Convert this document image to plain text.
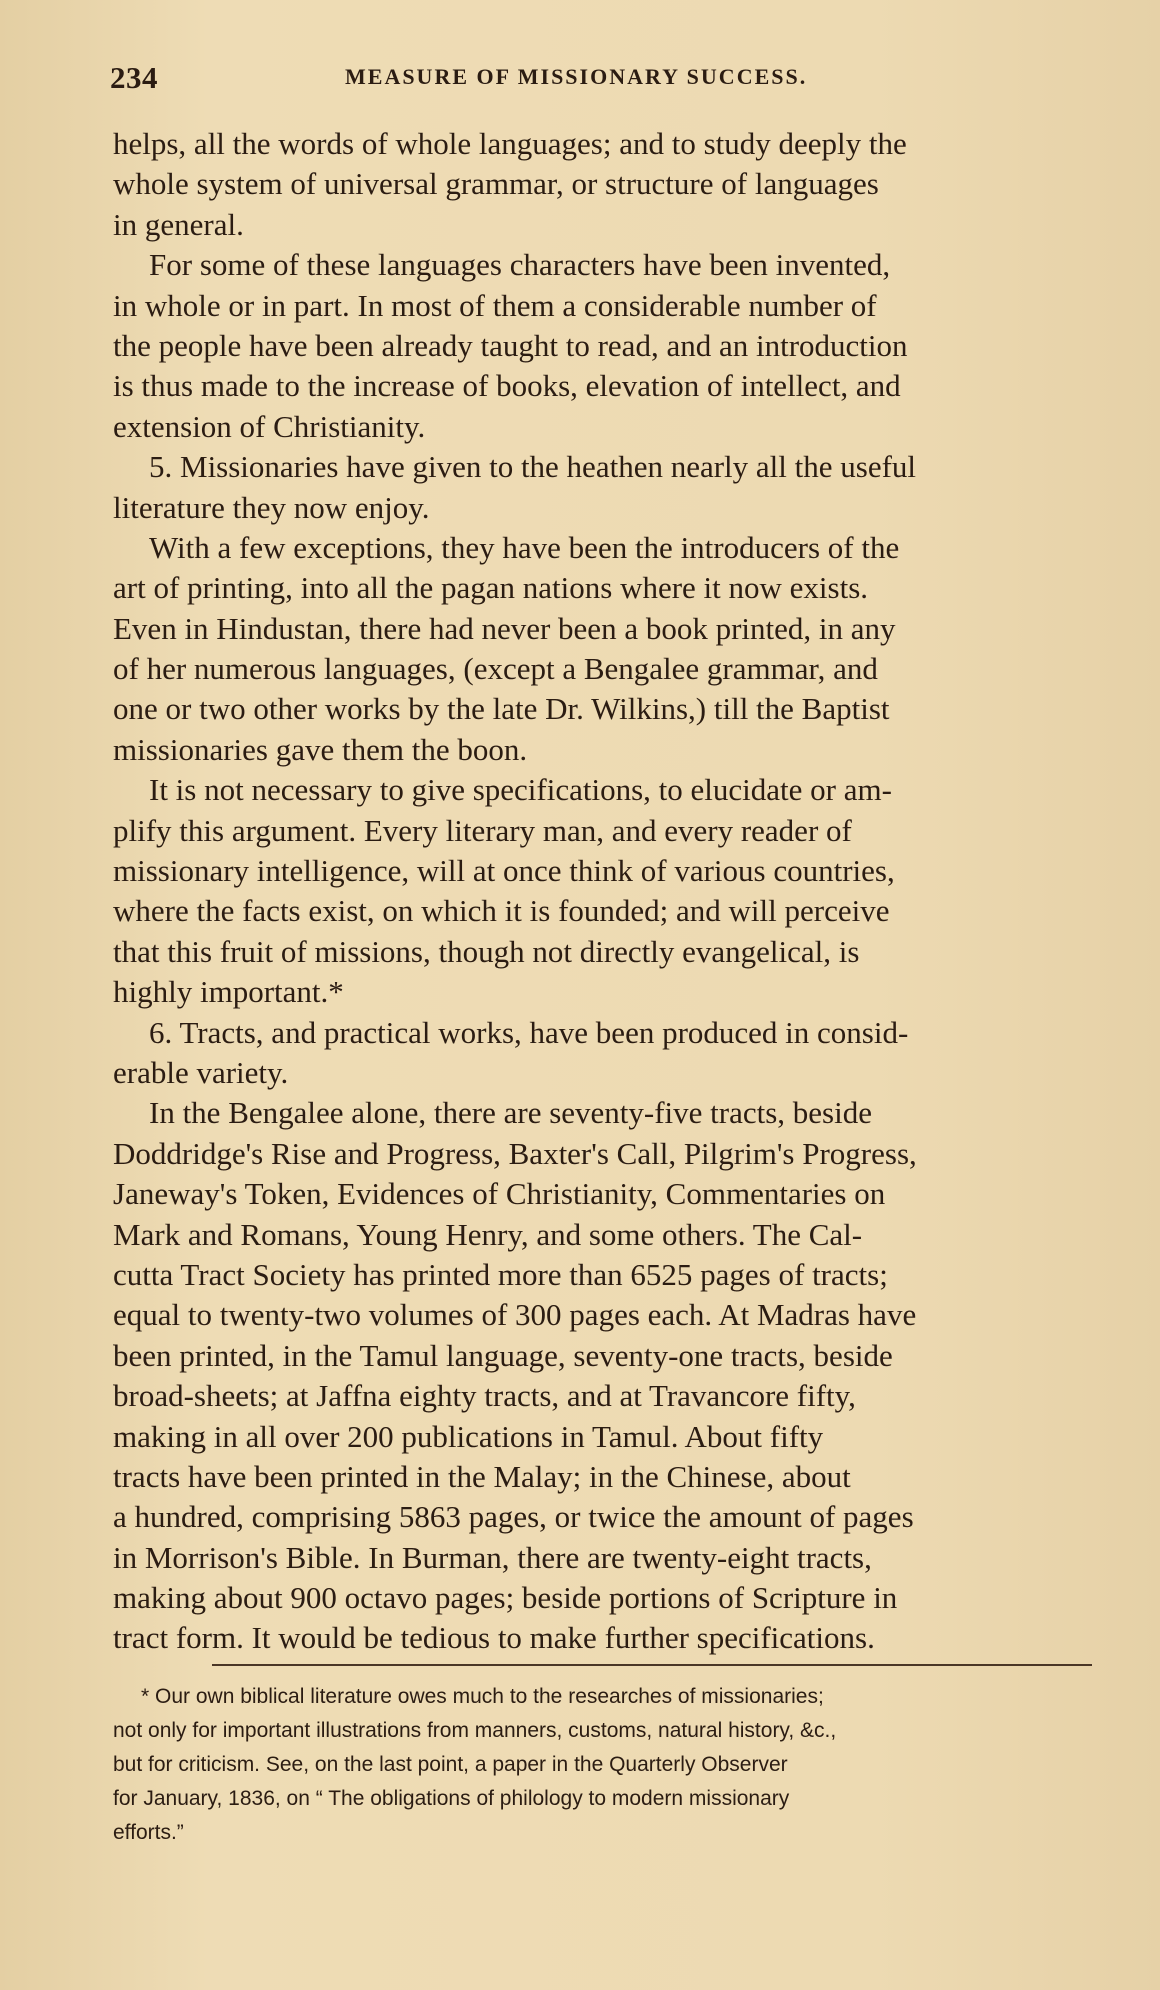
234	MEASURE OF MISSIONARY SUCCESS.
helps, all the words of whole languages; and to study deeply the
whole system of universal grammar, or structure of languages
in general.
For some of these languages characters have been invented,
in whole or in part. In most of them a considerable number of
the people have been already taught to read, and an introduction
is thus made to the increase of books, elevation of intellect, and
extension of Christianity.
5. Missionaries have given to the heathen nearly all the useful
literature they now enjoy.
With a few exceptions, they have been the introducers of the
art of printing, into all the pagan nations where it now exists.
Even in Hindustan, there had never been a book printed, in any
of her numerous languages, (except a Bengalee grammar, and
one or two other works by the late Dr. Wilkins,) till the Baptist
missionaries gave them the boon.
It is not necessary to give specifications, to elucidate or am-
plify this argument. Every literary man, and every reader of
missionary intelligence, will at once think of various countries,
where the facts exist, on which it is founded; and will perceive
that this fruit of missions, though not directly evangelical, is
highly important.*
6. Tracts, and practical works, have been produced in consid-
erable variety.
In the Bengalee alone, there are seventy-five tracts, beside
Doddridge's Rise and Progress, Baxter's Call, Pilgrim's Progress,
Janeway's Token, Evidences of Christianity, Commentaries on
Mark and Romans, Young Henry, and some others. The Cal-
cutta Tract Society has printed more than 6525 pages of tracts;
equal to twenty-two volumes of 300 pages each. At Madras have
been printed, in the Tamul language, seventy-one tracts, beside
broad-sheets; at Jaffna eighty tracts, and at Travancore fifty,
making in all over 200 publications in Tamul. About fifty
tracts have been printed in the Malay; in the Chinese, about
a hundred, comprising 5863 pages, or twice the amount of pages
in Morrison's Bible. In Burman, there are twenty-eight tracts,
making about 900 octavo pages; beside portions of Scripture in
tract form. It would be tedious to make further specifications.
* Our own biblical literature owes much to the researches of missionaries;
not only for important illustrations from manners, customs, natural history, &c.,
but for criticism. See, on the last point, a paper in the Quarterly Observer
for January, 1836, on “ The obligations of philology to modern missionary
efforts.”
